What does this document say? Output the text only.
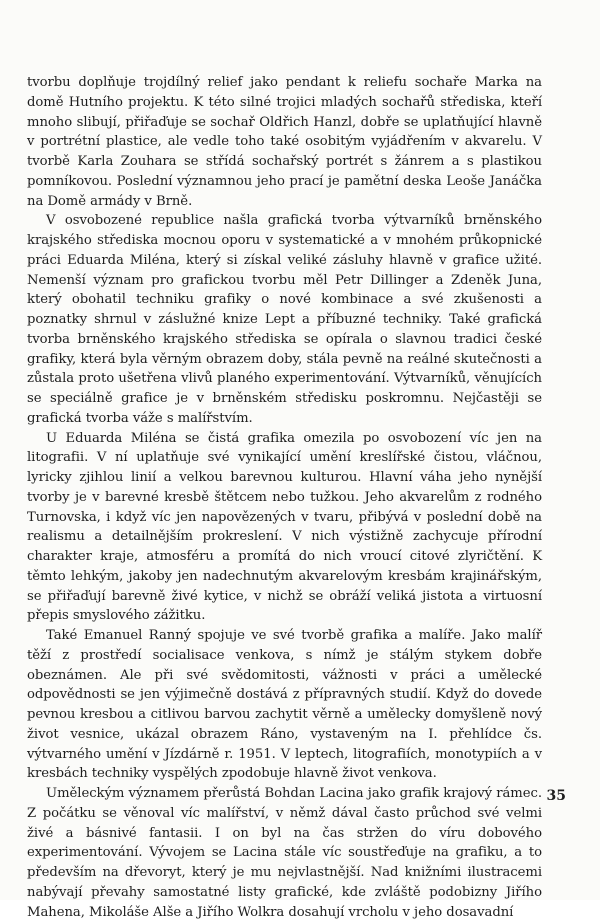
tvorbu doplňuje trojdílný relief jako pendant k reliefu sochaře Marka na domě Hutního projektu. K této silné trojici mladých sochařů střediska, kteří mnoho slibují, přiřaďuje se sochař Oldřich Hanzl, dobře se uplatňující hlavně v portrétní plastice, ale vedle toho také osobitým vyjádřením v akvarelu. V tvorbě Karla Zouhara se střídá sochařský portrét s žánrem a s plastikou pomníkovou. Poslední významnou jeho prací je pamětní deska Leoše Janáčka na Domě armády v Brně.

V osvobozené republice našla grafická tvorba výtvarníků brněnského krajského střediska mocnou oporu v systematické a v mnohém průkopnické práci Eduarda Miléna, který si získal veliké zásluhy hlavně v grafice užité. Nemenší význam pro grafickou tvorbu měl Petr Dillinger a Zdeněk Juna, který obohatil techniku grafiky o nové kombinace a své zkušenosti a poznatky shrnul v záslužné knize Lept a příbuzné techniky. Také grafická tvorba brněnského krajského střediska se opírala o slavnou tradici české grafiky, která byla věrným obrazem doby, stála pevně na reálné skutečnosti a zůstala proto ušetřena vlivů planého experimentování. Výtvarníků, věnujících se speciálně grafice je v brněnském středisku poskromnu. Nejčastěji se grafická tvorba váže s malířstvím.

U Eduarda Miléna se čistá grafika omezila po osvobození víc jen na litografii. V ní uplatňuje své vynikající umění kreslířské čistou, vláčnou, lyricky zjihlou linií a velkou barevnou kulturou. Hlavní váha jeho nynější tvorby je v barevné kresbě štětcem nebo tužkou. Jeho akvarelům z rodného Turnovska, i když víc jen napovězených v tvaru, přibývá v poslední době na realismu a detailnějším prokreslení. V nich výstižně zachycuje přírodní charakter kraje, atmosféru a promítá do nich vroucí citové zlyričtění. K těmto lehkým, jakoby jen nadechnutým akvarelovým kresbám krajinářským, se přiřaďují barevně živé kytice, v nichž se obráží veliká jistota a virtuosní přepis smyslového zážitku.

Také Emanuel Ranný spojuje ve své tvorbě grafika a malíře. Jako malíř těží z prostředí socialisace venkova, s nímž je stálým stykem dobře obeznámen. Ale při své svědomitosti, vážnosti v práci a umělecké odpovědnosti se jen výjimečně dostává z přípravných studií. Když do dovede pevnou kresbou a citlivou barvou zachytit věrně a umělecky domyšleně nový život vesnice, ukázal obrazem Ráno, vystaveným na I. přehlídce čs. výtvarného umění v Jízdárně r. 1951. V leptech, litografiích, monotypiích a v kresbách techniky vyspělých zpodobuje hlavně život venkova.

Uměleckým významem přerůstá Bohdan Lacina jako grafik krajový rámec. Z počátku se věnoval víc malířství, v němž dával často průchod své velmi živé a básnivé fantasii. I on byl na čas stržen do víru dobového experimentování. Vývojem se Lacina stále víc soustřeďuje na grafiku, a to především na dřevoryt, který je mu nejvlastnější. Nad knižními ilustracemi nabývají převahy samostatné listy grafické, kde zvláště podobizny Jiřího Mahena, Mikoláše Alše a Jiřího Wolkra dosahují vrcholu v jeho dosavadní

35
